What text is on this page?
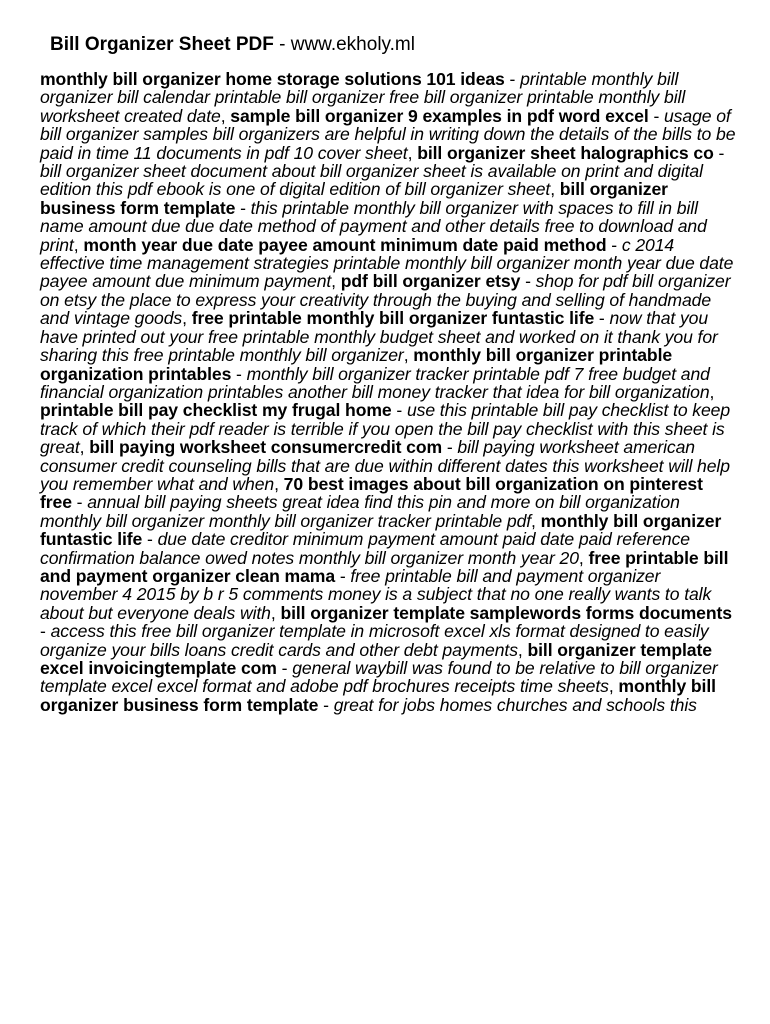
Bill Organizer Sheet PDF - www.ekholy.ml
monthly bill organizer home storage solutions 101 ideas - printable monthly bill organizer bill calendar printable bill organizer free bill organizer printable monthly bill worksheet created date, sample bill organizer 9 examples in pdf word excel - usage of bill organizer samples bill organizers are helpful in writing down the details of the bills to be paid in time 11 documents in pdf 10 cover sheet, bill organizer sheet halographics co - bill organizer sheet document about bill organizer sheet is available on print and digital edition this pdf ebook is one of digital edition of bill organizer sheet, bill organizer business form template - this printable monthly bill organizer with spaces to fill in bill name amount due due date method of payment and other details free to download and print, month year due date payee amount minimum date paid method - c 2014 effective time management strategies printable monthly bill organizer month year due date payee amount due minimum payment, pdf bill organizer etsy - shop for pdf bill organizer on etsy the place to express your creativity through the buying and selling of handmade and vintage goods, free printable monthly bill organizer funtastic life - now that you have printed out your free printable monthly budget sheet and worked on it thank you for sharing this free printable monthly bill organizer, monthly bill organizer printable organization printables - monthly bill organizer tracker printable pdf 7 free budget and financial organization printables another bill money tracker that idea for bill organization, printable bill pay checklist my frugal home - use this printable bill pay checklist to keep track of which their pdf reader is terrible if you open the bill pay checklist with this sheet is great, bill paying worksheet consumercredit com - bill paying worksheet american consumer credit counseling bills that are due within different dates this worksheet will help you remember what and when, 70 best images about bill organization on pinterest free - annual bill paying sheets great idea find this pin and more on bill organization monthly bill organizer monthly bill organizer tracker printable pdf, monthly bill organizer funtastic life - due date creditor minimum payment amount paid date paid reference confirmation balance owed notes monthly bill organizer month year 20, free printable bill and payment organizer clean mama - free printable bill and payment organizer november 4 2015 by b r 5 comments money is a subject that no one really wants to talk about but everyone deals with, bill organizer template samplewords forms documents - access this free bill organizer template in microsoft excel xls format designed to easily organize your bills loans credit cards and other debt payments, bill organizer template excel invoicingtemplate com - general waybill was found to be relative to bill organizer template excel excel format and adobe pdf brochures receipts time sheets, monthly bill organizer business form template - great for jobs homes churches and schools this
